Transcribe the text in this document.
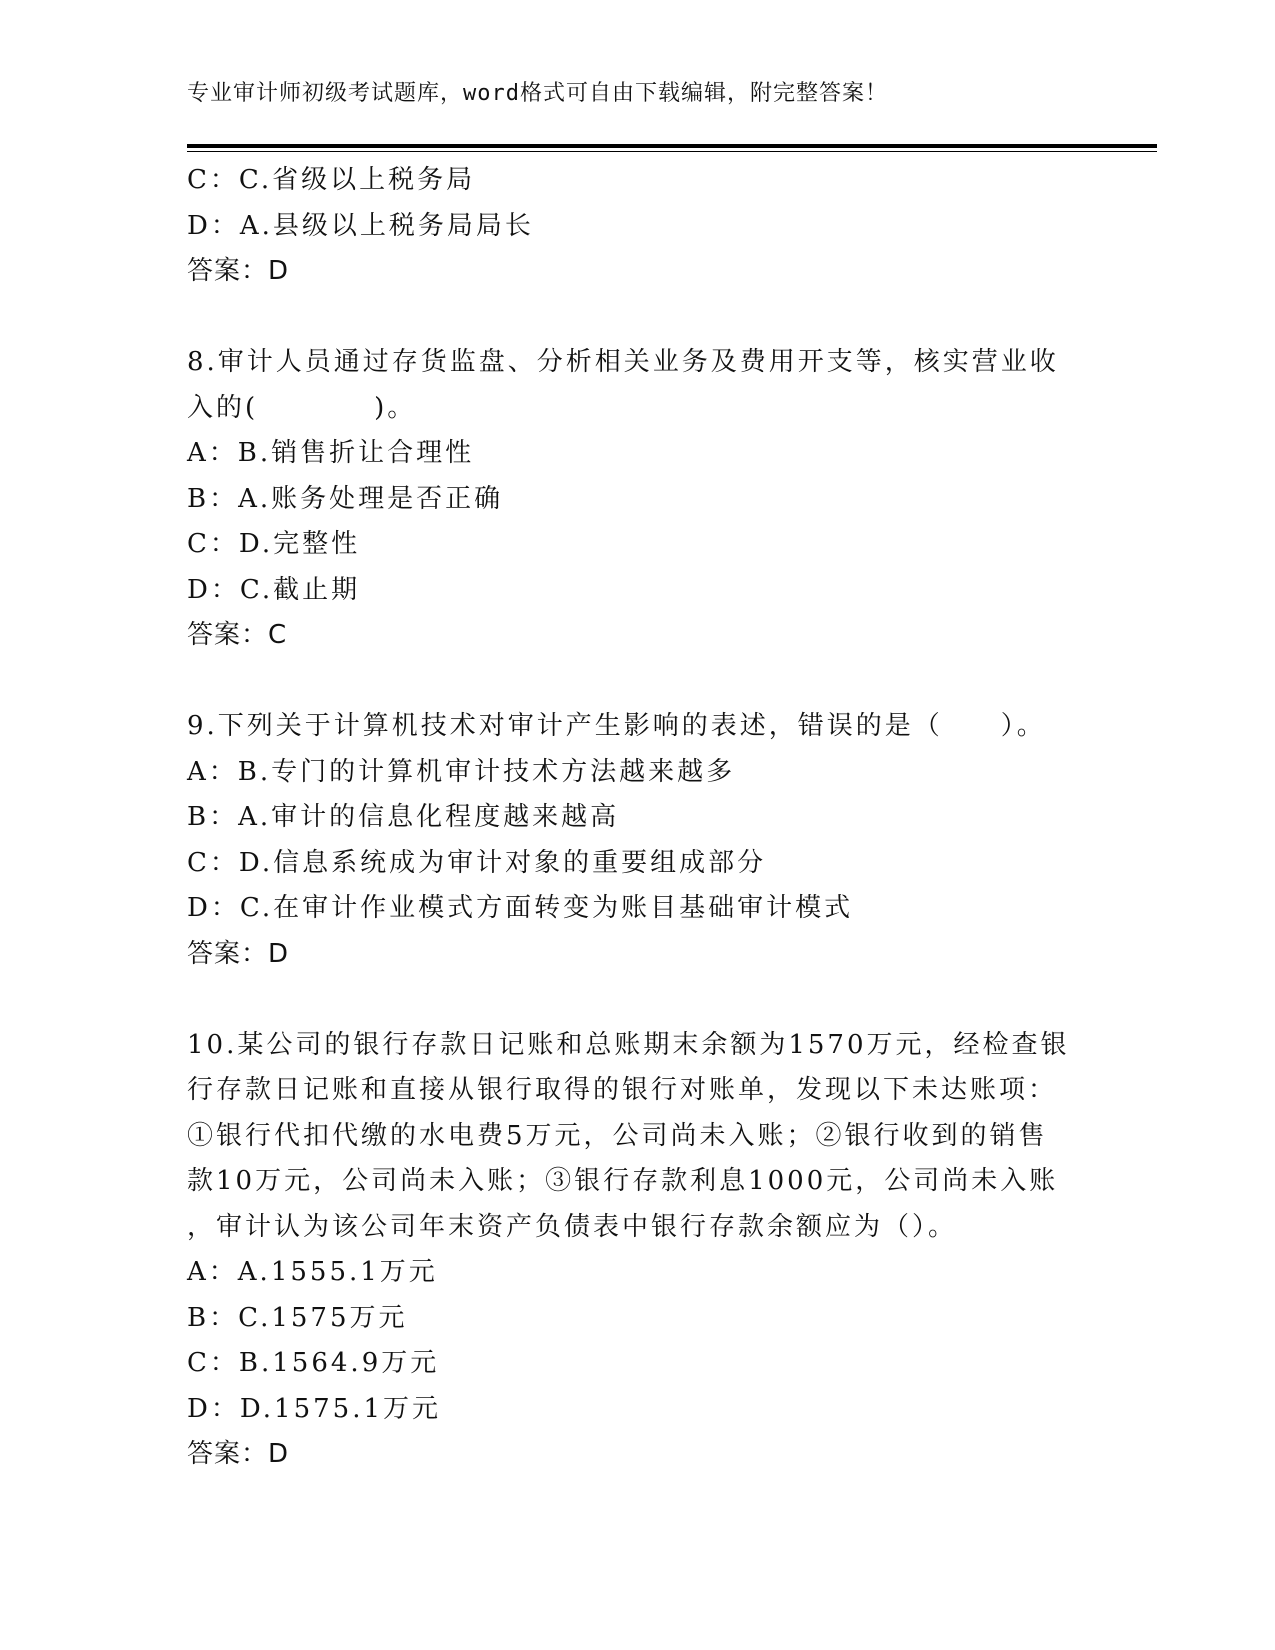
专业审计师初级考试题库，word格式可自由下载编辑，附完整答案！
C：C.省级以上税务局
D：A.县级以上税务局局长
答案：D
8.审计人员通过存货监盘、分析相关业务及费用开支等，核实营业收
入的(　　　　)。
A：B.销售折让合理性
B：A.账务处理是否正确
C：D.完整性
D：C.截止期
答案：C
9.下列关于计算机技术对审计产生影响的表述，错误的是（　　）。
A：B.专门的计算机审计技术方法越来越多
B：A.审计的信息化程度越来越高
C：D.信息系统成为审计对象的重要组成部分
D：C.在审计作业模式方面转变为账目基础审计模式
答案：D
10.某公司的银行存款日记账和总账期末余额为1570万元，经检查银
行存款日记账和直接从银行取得的银行对账单，发现以下未达账项：
①银行代扣代缴的水电费5万元，公司尚未入账；②银行收到的销售
款10万元，公司尚未入账；③银行存款利息1000元，公司尚未入账
，审计认为该公司年末资产负债表中银行存款余额应为（）。
A：A.1555.1万元
B：C.1575万元
C：B.1564.9万元
D：D.1575.1万元
答案：D
